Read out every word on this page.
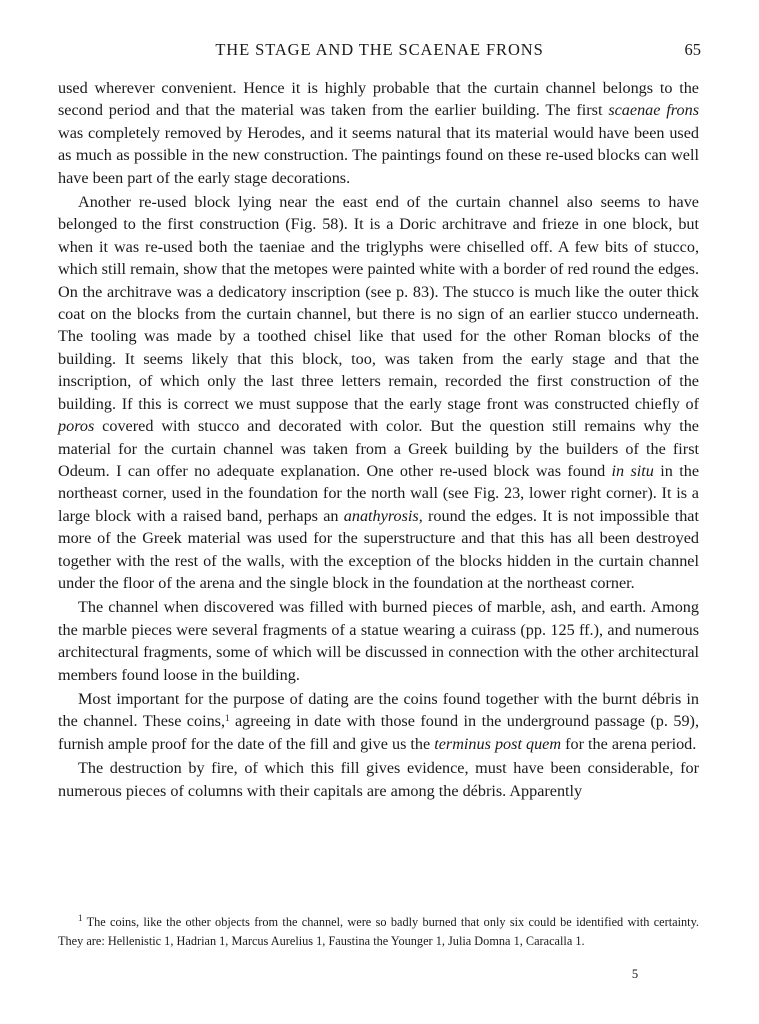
THE STAGE AND THE SCAENAE FRONS	65

used wherever convenient. Hence it is highly probable that the curtain channel belongs to the second period and that the material was taken from the earlier building. The first scaenae frons was completely removed by Herodes, and it seems natural that its material would have been used as much as possible in the new construction. The paintings found on these re-used blocks can well have been part of the early stage decorations.

Another re-used block lying near the east end of the curtain channel also seems to have belonged to the first construction (Fig. 58). It is a Doric architrave and frieze in one block, but when it was re-used both the taeniae and the triglyphs were chiselled off. A few bits of stucco, which still remain, show that the metopes were painted white with a border of red round the edges. On the architrave was a dedicatory inscription (see p. 83). The stucco is much like the outer thick coat on the blocks from the curtain channel, but there is no sign of an earlier stucco underneath. The tooling was made by a toothed chisel like that used for the other Roman blocks of the building. It seems likely that this block, too, was taken from the early stage and that the inscription, of which only the last three letters remain, recorded the first construction of the building. If this is correct we must suppose that the early stage front was constructed chiefly of poros covered with stucco and decorated with color. But the question still remains why the material for the curtain channel was taken from a Greek building by the builders of the first Odeum. I can offer no adequate explanation. One other re-used block was found in situ in the northeast corner, used in the foundation for the north wall (see Fig. 23, lower right corner). It is a large block with a raised band, perhaps an anathyrosis, round the edges. It is not impossible that more of the Greek material was used for the superstructure and that this has all been destroyed together with the rest of the walls, with the exception of the blocks hidden in the curtain channel under the floor of the arena and the single block in the foundation at the northeast corner.

The channel when discovered was filled with burned pieces of marble, ash, and earth. Among the marble pieces were several fragments of a statue wearing a cuirass (pp. 125 ff.), and numerous architectural fragments, some of which will be discussed in connection with the other architectural members found loose in the building.

Most important for the purpose of dating are the coins found together with the burnt débris in the channel. These coins,$^1$ agreeing in date with those found in the underground passage (p. 59), furnish ample proof for the date of the fill and give us the terminus post quem for the arena period.

The destruction by fire, of which this fill gives evidence, must have been considerable, for numerous pieces of columns with their capitals are among the débris. Apparently

$^1$ The coins, like the other objects from the channel, were so badly burned that only six could be identified with certainty. They are: Hellenistic 1, Hadrian 1, Marcus Aurelius 1, Faustina the Younger 1, Julia Domna 1, Caracalla 1.

5
